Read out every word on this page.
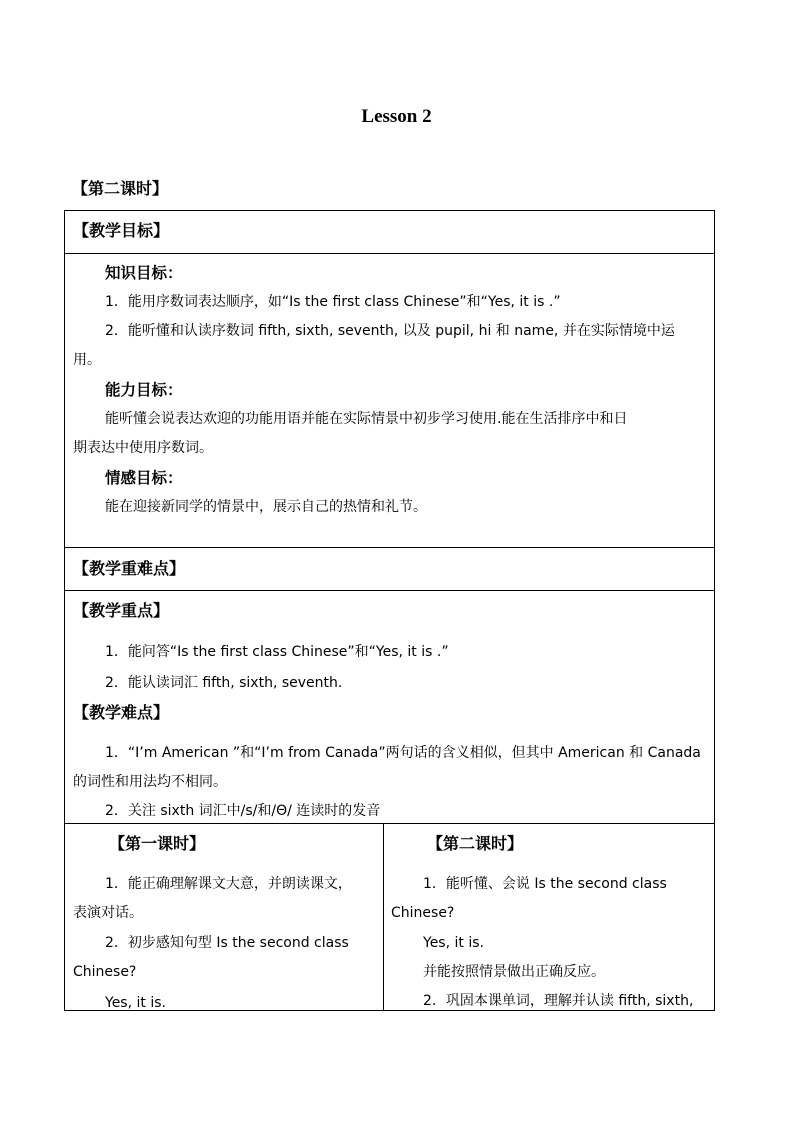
Lesson 2
【第二课时】
【教学目标】
知识目标：
1．能用序数词表达顺序，如“Is the first class Chinese”和“Yes, it is .”
2．能听懂和认读序数词 fifth, sixth, seventh, 以及 pupil, hi 和 name, 并在实际情境中运
用。
能力目标：
能听懂会说表达欢迎的功能用语并能在实际情景中初步学习使用.能在生活排序中和日
期表达中使用序数词。
情感目标：
能在迎接新同学的情景中，展示自己的热情和礼节。
【教学重难点】
【教学重点】
1．能问答“Is the first class Chinese”和“Yes, it is .”
2．能认读词汇 fifth, sixth, seventh.
【教学难点】
1．“I’m American ”和“I’m from Canada”两句话的含义相似，但其中 American 和 Canada
的词性和用法均不相同。
2．关注 sixth 词汇中/s/和/Θ/ 连读时的发音
【第一课时】
1．能正确理解课文大意，并朗读课文，
表演对话。
2．初步感知句型 Is the second class
Chinese?
Yes, it is.
【第二课时】
1．能听懂、会说 Is the second class
Chinese?
Yes, it is.
并能按照情景做出正确反应。
2．巩固本课单词，理解并认读 fifth, sixth,
